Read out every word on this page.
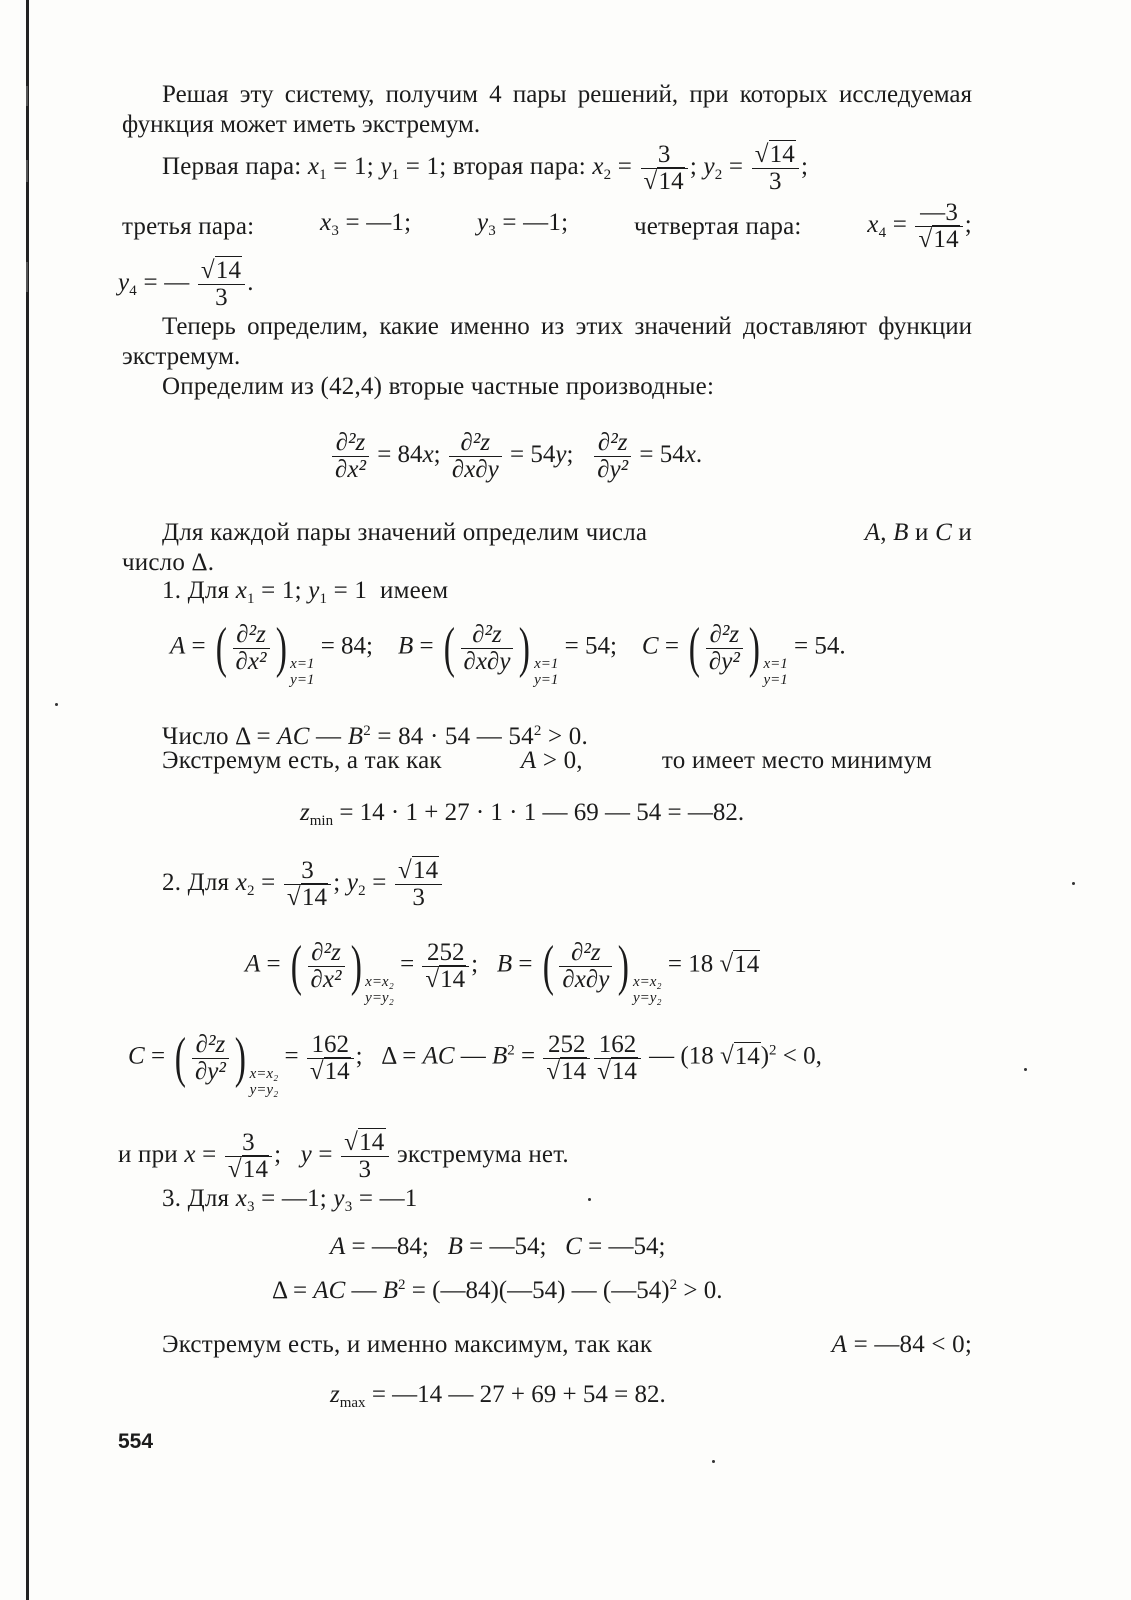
Решая эту систему, получим 4 пары решений, при которых исследуемая функция может иметь экстремум.
Первая пара: $x_1 = 1$; $y_1 = 1$; вторая пара: $x_2 = \frac{3}{√14}$ ; $y_2 = \frac{√14}{3}$ ;
третья пара:	$x_3$ = —1;	$y_3$ = —1;	четвертая пара:	$x_4 = \frac{—3}{√14}$ ;
$y_4$ = — $\frac{√14}{3}$ .
Теперь определим, какие именно из этих значений доставляют функции экстремум.
Определим из (42,4) вторые частные производные:
$\frac{\text{∂²z}}{\text{∂x²}} = 84x$; $\frac{\text{∂²z}}{\partial x\partial y} = 54y$; $\frac{\text{∂²z}}{\text{∂y²}} = 54x$.
Для каждой пары значений определим числа	A, B и C и
число Δ.
1. Для $x_1 = 1$; $y_1 = 1$  имеем
A = ( $\frac{\text{∂²z}}{\text{∂x²}}$ ) x=1
y=1 = 84;    B = ( $\frac{\text{∂²z}}{\partial x\partial y}$ ) x=1
y=1 = 54;    C = ( $\frac{\text{∂²z}}{\text{∂y²}}$ ) x=1
y=1 = 54.
Число Δ = AC — $B^2 = 84 \cdot 54$ — $54^2 > 0$.
Экстремум есть, а так как	A > 0,	то имеет место минимум
$z_{min} = 14 \cdot 1 + 27 \cdot 1 \cdot 1$ — 69 — 54 = —82.
2. Для $x_2 = \frac{3}{√14}$ ; $y_2 = \frac{√14}{3}$
A = ( $\frac{\text{∂²z}}{\text{∂x²}}$ ) x=x₂
$y=y_2 = \frac{252}{√14}$ ;   B = ( $\frac{\text{∂²z}}{\partial x\partial y}$ ) x=x₂
y=y₂ = 18 √14
C = ( $\frac{\text{∂²z}}{\text{∂y²}}$ ) x=x₂
$y=y_2 = \frac{162}{√14}$ ;   Δ = AC — $B^2 = \frac{252}{√14} \frac{162}{√14}$ — (18 √14)$^2$ < 0,
и при $x = \frac{3}{√14}$ ;   $y = \frac{√14}{3}$ экстремума нет.
3. Для $x_3$ = —1; $y_3$ = —1
A = —84;   B = —54;   C = —54;
Δ = AC — $B^2$ = (—84)(—54) — (—54)$^2$ > 0.
Экстремум есть, и именно максимум, так как	A = —84 < 0;
$z_{max}$ = —14 — 27 + 69 + 54 = 82.
554
